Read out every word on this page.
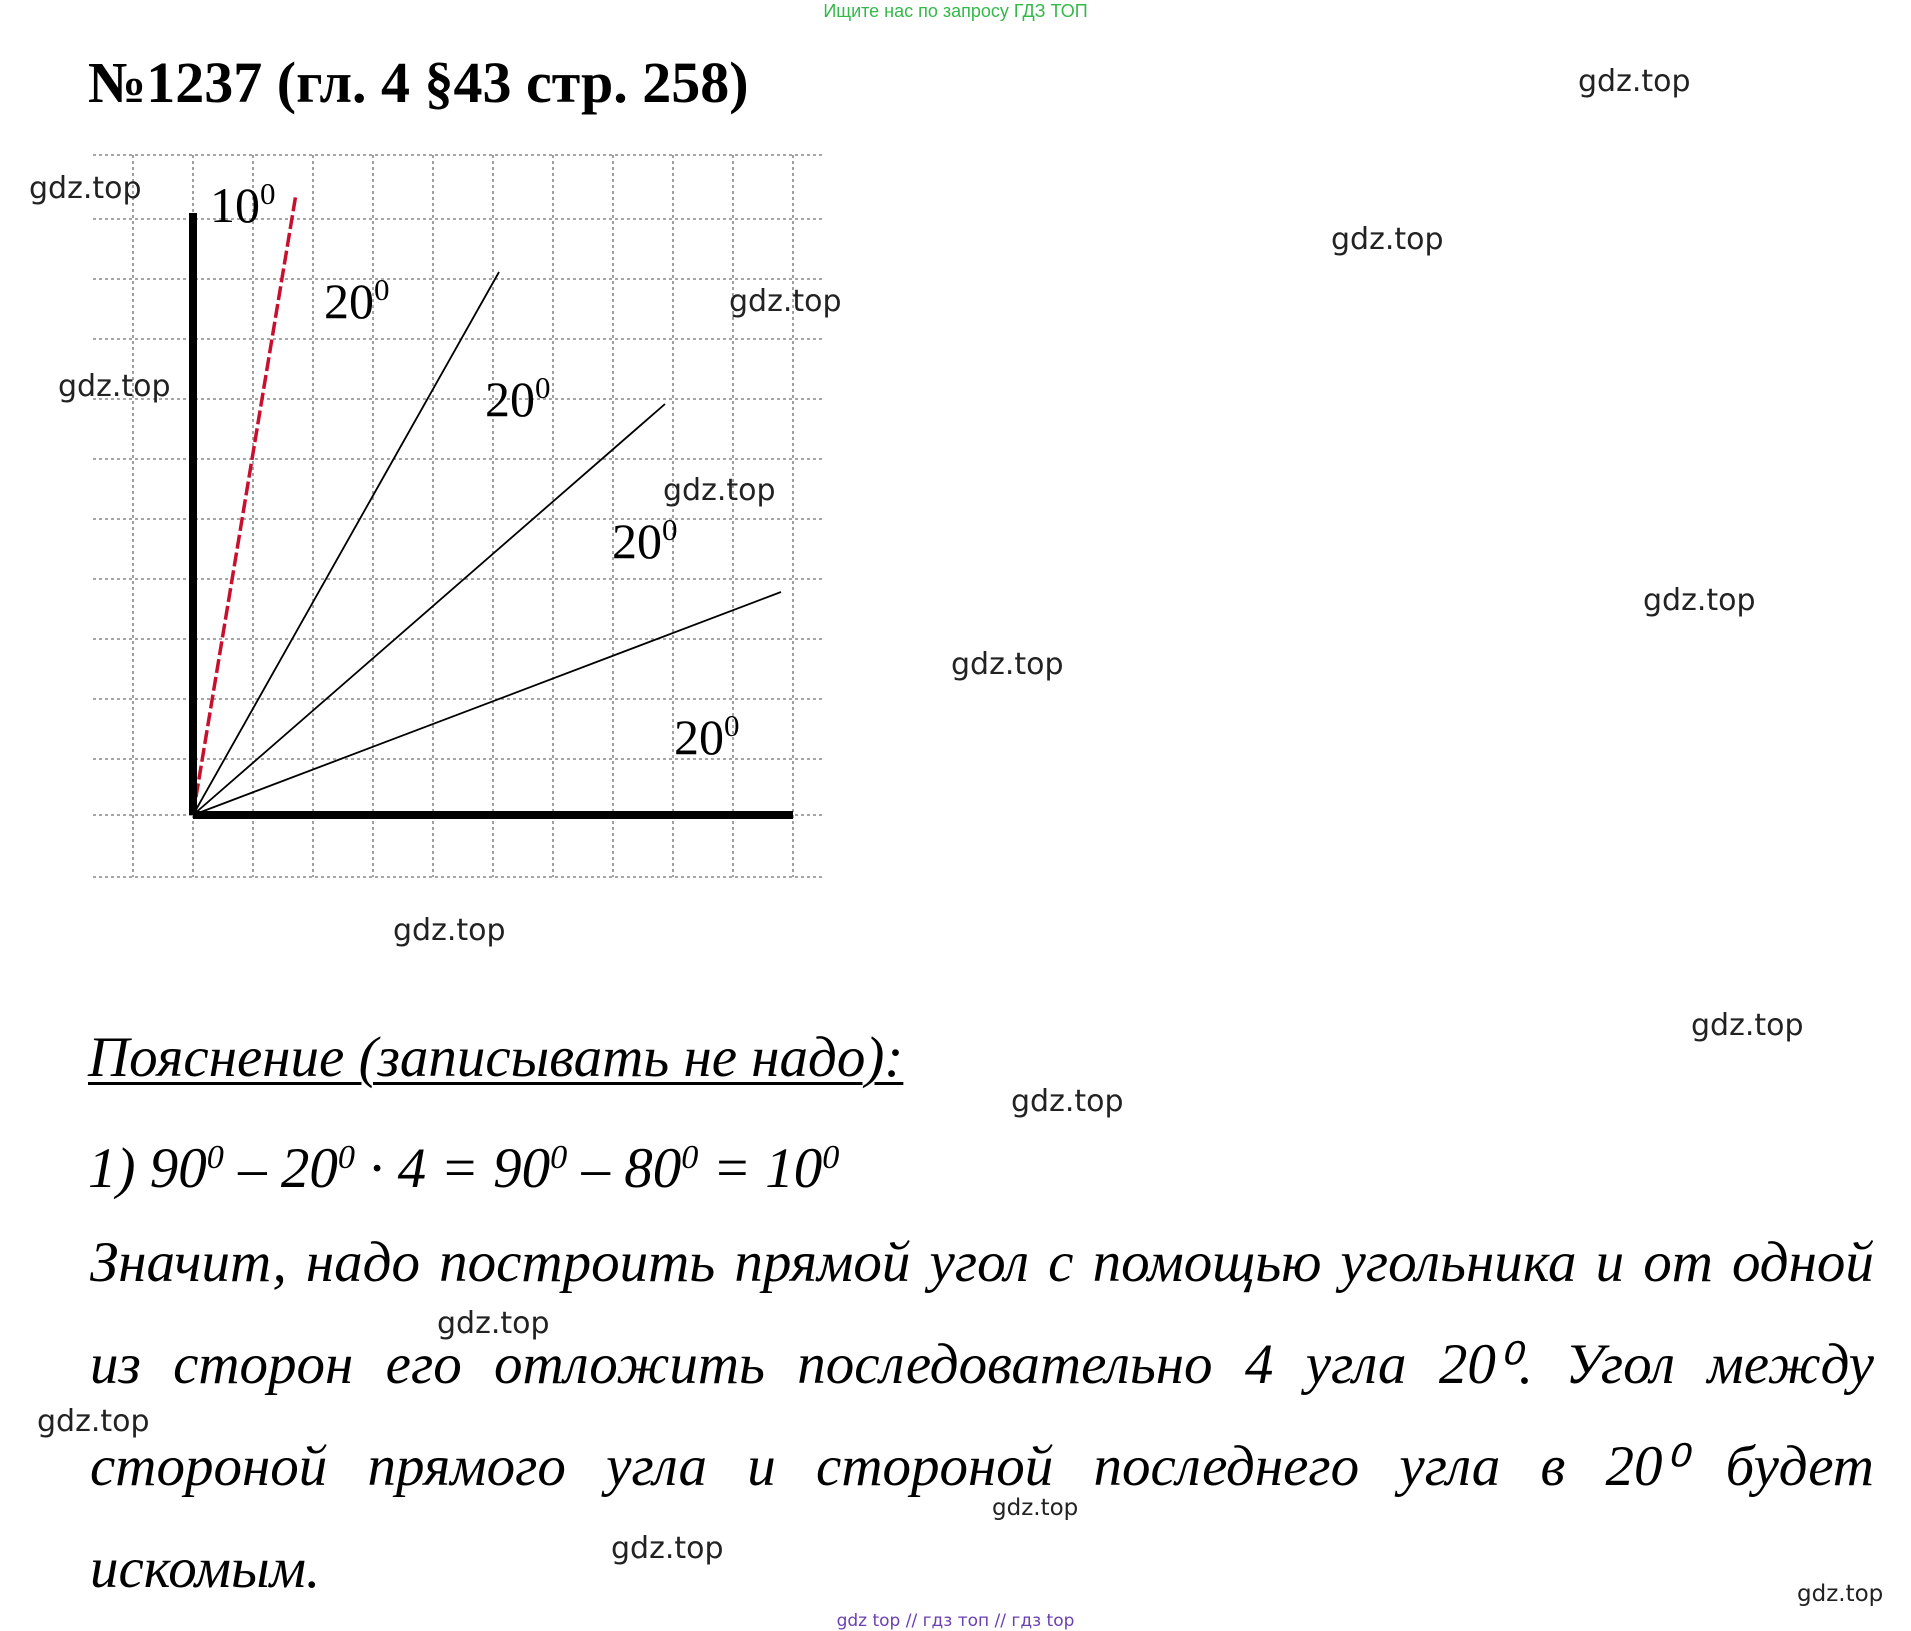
Ищите нас по запросу ГДЗ ТОП
№1237 (гл. 4 §43 стр. 258)
$10^0$
$20^0$
$20^0$
$20^0$
$20^0$
Пояснение (записывать не надо):
1) $90^0 - 20^0 \cdot 4 = 90^0 - 80^0 = 10^0$
Значит, надо построить прямой угол с помощью угольника и от одной
из сторон его отложить последовательно 4 угла 20⁰. Угол между
стороной прямого угла и стороной последнего угла в 20⁰ будет
искомым.
gdz.top
gdz.top
gdz.top
gdz.top
gdz.top
gdz.top
gdz.top
gdz.top
gdz.top
gdz.top
gdz.top
gdz.top
gdz.top
gdz.top
gdz.top
gdz.top
gdz top // гдз топ // гдз top
